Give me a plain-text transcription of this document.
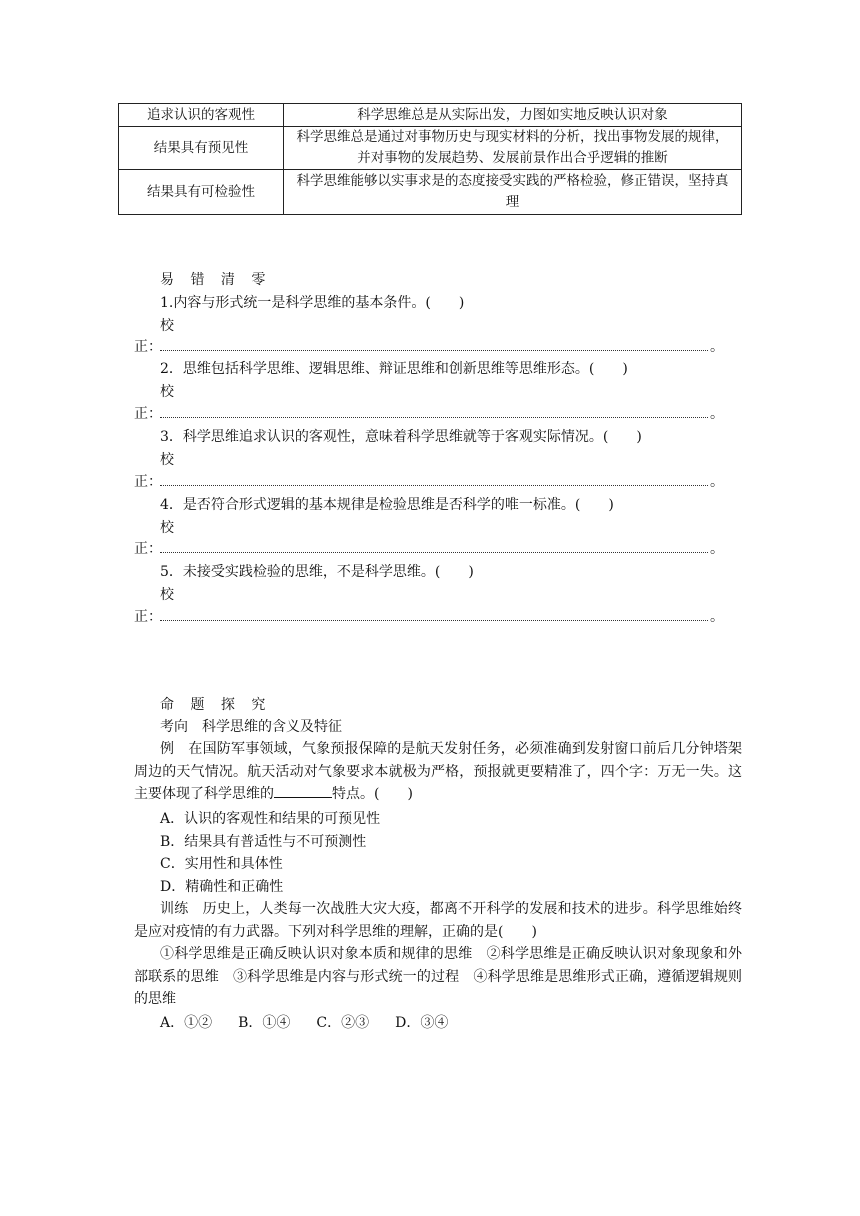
追求认识的客观性	科学思维总是从实际出发，力图如实地反映认识对象
结果具有预见性	科学思维总是通过对事物历史与现实材料的分析，找出事物发展的规律，并对事物的发展趋势、发展前景作出合乎逻辑的推断
结果具有可检验性	科学思维能够以实事求是的态度接受实践的严格检验，修正错误，坚持真理
易 错 清 零
1.内容与形式统一是科学思维的基本条件。(　　)
校
正：	。
2．思维包括科学思维、逻辑思维、辩证思维和创新思维等思维形态。(　　)
校
正：	。
3．科学思维追求认识的客观性，意味着科学思维就等于客观实际情况。(　　)
校
正：	。
4．是否符合形式逻辑的基本规律是检验思维是否科学的唯一标准。(　　)
校
正：	。
5．未接受实践检验的思维，不是科学思维。(　　)
校
正：	。
命 题 探 究
考向　科学思维的含义及特征
例　在国防军事领域，气象预报保障的是航天发射任务，必须准确到发射窗口前后几分钟塔架周边的天气情况。航天活动对气象要求本就极为严格，预报就更要精准了，四个字：万无一失。这主要体现了科学思维的	特点。(　　)
A．认识的客观性和结果的可预见性
B．结果具有普适性与不可预测性
C．实用性和具体性
D．精确性和正确性
训练　历史上，人类每一次战胜大灾大疫，都离不开科学的发展和技术的进步。科学思维始终是应对疫情的有力武器。下列对科学思维的理解，正确的是(　　)
①科学思维是正确反映认识对象本质和规律的思维　②科学思维是正确反映认识对象现象和外部联系的思维　③科学思维是内容与形式统一的过程　④科学思维是思维形式正确，遵循逻辑规则的思维
A．①② B．①④ C．②③ D．③④
